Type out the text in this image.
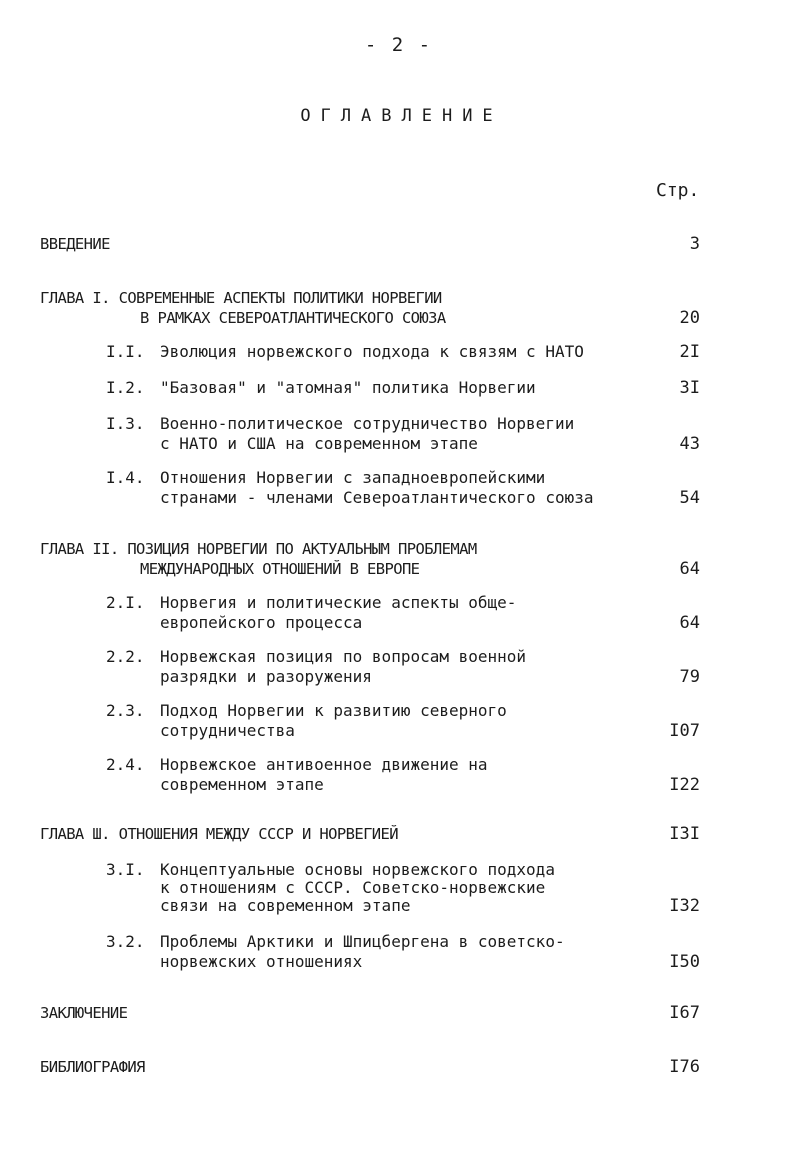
- 2 -
ОГЛАВЛЕНИЕ
Стр.
ВВЕДЕНИЕ	3
ГЛАВА I. СОВРЕМЕННЫЕ АСПЕКТЫ ПОЛИТИКИ НОРВЕГИИ
В РАМКАХ СЕВЕРОАТЛАНТИЧЕСКОГО СОЮЗА	20
I.I. Эволюция норвежского подхода к связям с НАТО	2I
I.2. "Базовая" и "атомная" политика Норвегии	3I
I.3. Военно-политическое сотрудничество Норвегии
с НАТО и США на современном этапе	43
I.4. Отношения Норвегии с западноевропейскими
странами - членами Североатлантического союза	54
ГЛАВА II. ПОЗИЦИЯ НОРВЕГИИ ПО АКТУАЛЬНЫМ ПРОБЛЕМАМ
МЕЖДУНАРОДНЫХ ОТНОШЕНИЙ В ЕВРОПЕ	64
2.I. Норвегия и политические аспекты обще-
европейского процесса	64
2.2. Норвежская позиция по вопросам военной
разрядки и разоружения	79
2.3. Подход Норвегии к развитию северного
сотрудничества	I07
2.4. Норвежское антивоенное движение на
современном этапе	I22
ГЛАВА Ш. ОТНОШЕНИЯ МЕЖДУ СССР И НОРВЕГИЕЙ	I3I
3.I. Концептуальные основы норвежского подхода
к отношениям с СССР. Советско-норвежские
связи на современном этапе	I32
3.2. Проблемы Арктики и Шпицбергена в советско-
норвежских отношениях	I50
ЗАКЛЮЧЕНИЕ	I67
БИБЛИОГРАФИЯ	I76
